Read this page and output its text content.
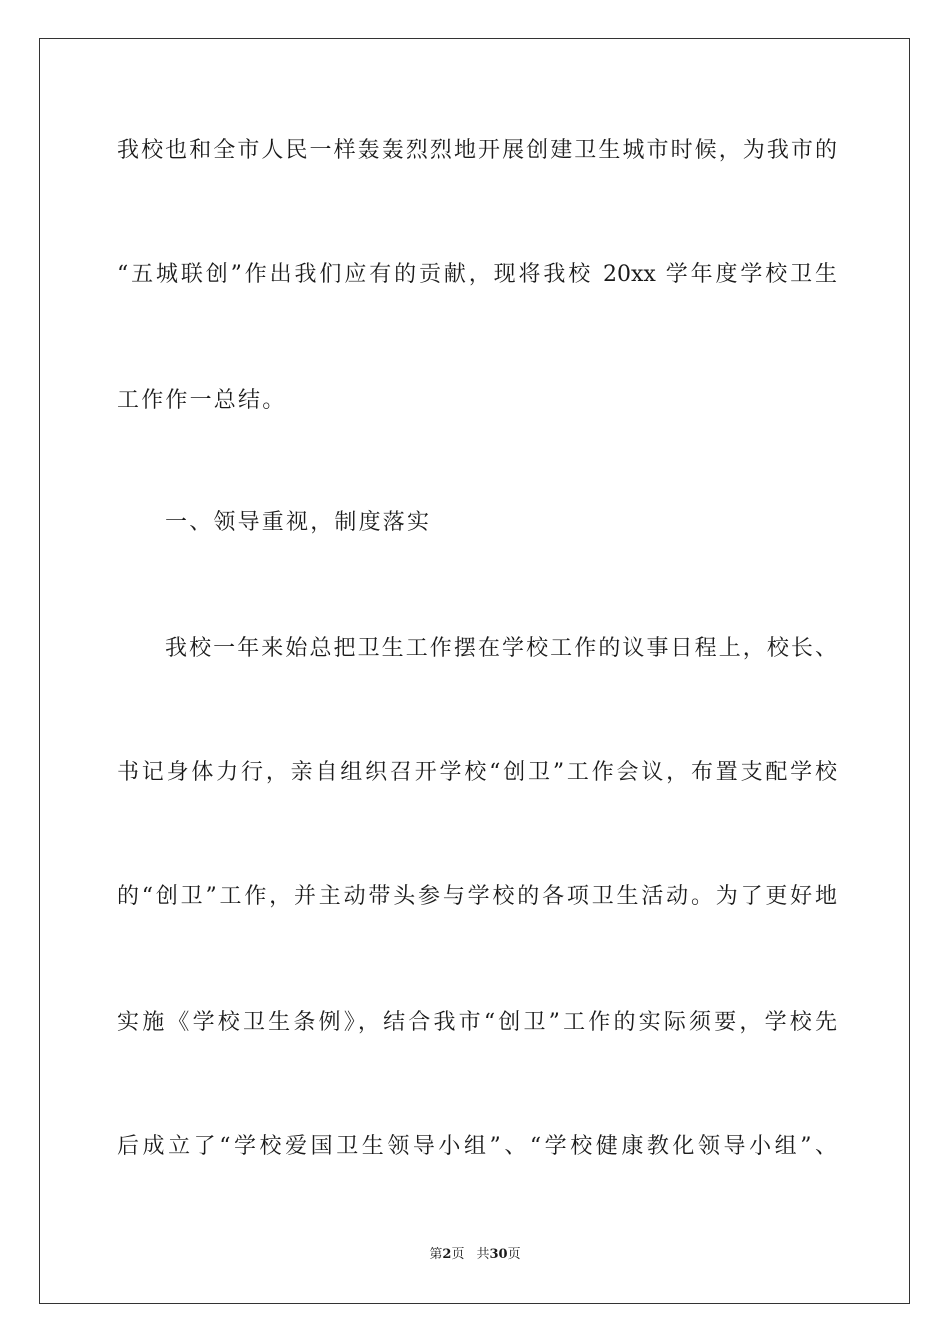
我校也和全市人民一样轰轰烈烈地开展创建卫生城市时候，为我市的
“五城联创”作出我们应有的贡献，现将我校 20xx 学年度学校卫生
工作作一总结。
一、领导重视，制度落实
我校一年来始总把卫生工作摆在学校工作的议事日程上，校长、
书记身体力行，亲自组织召开学校“创卫”工作会议，布置支配学校
的“创卫”工作，并主动带头参与学校的各项卫生活动。为了更好地
实施《学校卫生条例》，结合我市“创卫”工作的实际须要，学校先
后成立了“学校爱国卫生领导小组”、“学校健康教化领导小组”、
第2页 共30页
